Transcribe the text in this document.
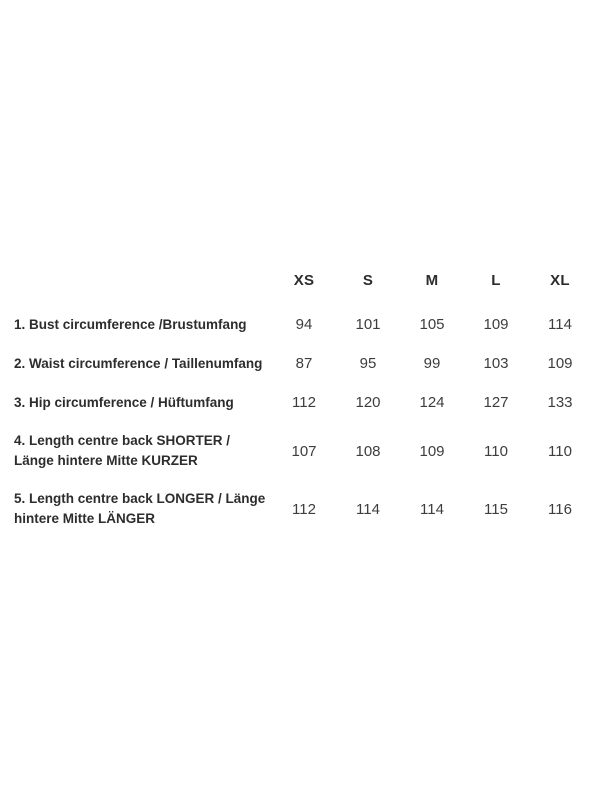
	XS	S	M	L	XL
1. Bust circumference /Brustumfang	94	101	105	109	114
2. Waist circumference / Taillenumfang	87	95	99	103	109
3. Hip circumference / Hüftumfang	112	120	124	127	133
4. Length centre back SHORTER / Länge hintere Mitte KURZER	107	108	109	110	110
5. Length centre back LONGER / Länge hintere Mitte LÄNGER	112	114	114	115	116
